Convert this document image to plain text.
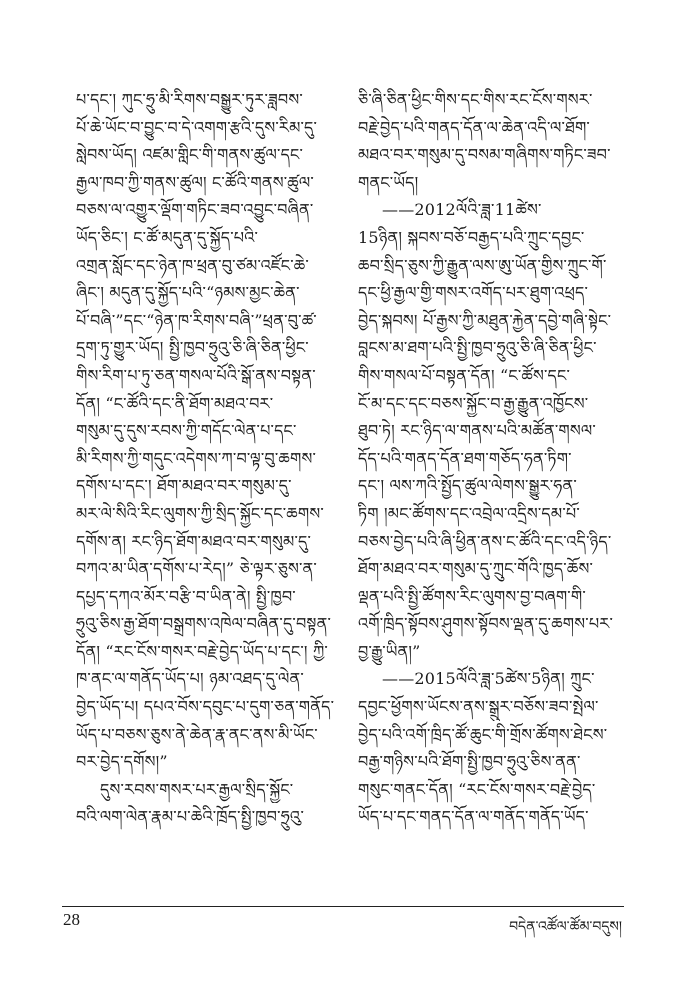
པ་དང་། ཀུང་ཧྲུ་མི་རིགས་བསྒྱུར་ཏུར་ཟླབས་
པོ་ཆེ་ཡོང་བ་བྱུང་བ་དེ་འགག་རྩའི་དུས་རིམ་དུ་
སླེབས་ཡོད། འཛམ་གླིང་གི་གནས་ཚུལ་དང་
རྒྱལ་ཁབ་ཀྱི་གནས་ཚུལ། ང་ཚོའི་གནས་ཚུལ་
བཅས་ལ་འགྱུར་ལྡོག་གཏིང་ཟབ་འབྱུང་བཞིན་
ཡོད་ཅིང་། ང་ཚོ་མདུན་དུ་སྐྱོད་པའི་
འགྲན་སློང་དང་ཉེན་ཁ་ཕྲན་བུ་ཙམ་འཛོང་ཆེ་
ཞིང་། མདུན་དུ་སྐྱོད་པའི་“ཉམས་མྱང་ཆེན་
པོ་བཞི་”དང་“ཉེན་ཁ་རིགས་བཞི་”ཕྲན་བུ་ཚ་
དྲག་ཏུ་གྱུར་ཡོད། སྤྱི་ཁྱབ་ཧྲུའུ་ཅི་ཞི་ཅིན་ཕྱིང་
གིས་རིག་པ་ཏུ་ཅན་གསལ་པོའི་སྒོ་ནས་བསྟན་
དོན། “ང་ཚོའི་དང་ནི་ཐོག་མཐའ་བར་
གསུམ་དུ་དུས་རབས་ཀྱི་གདོང་ལེན་པ་དང་
མི་རིགས་ཀྱི་གདུང་འདེགས་ཀ་བ་ལྟ་བུ་ཆགས་
དགོས་པ་དང་། ཐོག་མཐའ་བར་གསུམ་དུ་
མར་ལེ་སིའི་རིང་ལུགས་ཀྱི་སྲིད་སྐྱོང་དང་ཆགས་
དགོས་ན། རང་ཉིད་ཐོག་མཐའ་བར་གསུམ་དུ་
བཀའ་མ་ཡིན་དགོས་པ་རེད།” ཅེ་ལྟར་ཅུས་ན་
དཔྱད་དཀའ་མོར་བརྩི་བ་ཡིན་ནེ། སྤྱི་ཁྱབ་
ཧྲུའུ་ཅིས་རྒྱ་ཐོག་བསྒྲགས་འཁེལ་བཞིན་དུ་བསྟན་
དོན། “རང་ངོས་གསར་བརྗེ་བྱེད་ཡོད་པ་དང་། ཀྱི་
ཁ་ནང་ལ་གནོད་ཡོད་པ། ཉམ་འཐད་དུ་ལེན་
བྱེད་ཡོད་པ། དཔའ་བོས་དབུང་པ་དུག་ཅན་གནོད་
ཡོད་པ་བཅས་ཅུས་ནེ་ཆེན་རྣ་ནང་ནས་མི་ཡོང་
བར་བྱེད་དགོས།”
དུས་རབས་གསར་པར་རྒྱལ་སྲིད་སྐྱོང་
བའི་ལག་ལེན་རྣམ་པ་ཆེའི་ཁྲོད་སྤྱི་ཁྱབ་ཧྲུའུ་
ཅི་ཞི་ཅིན་ཕྱིང་གིས་དང་གིས་རང་ངོས་གསར་
བརྗེ་བྱེད་པའི་གནད་དོན་ལ་ཆེན་འདི་ལ་ཐོག་
མཐའ་བར་གསུམ་དུ་བསམ་གཞིགས་གཏིང་ཟབ་
གནང་ཡོད།
——2012ལོའི་ཟླ་11ཚེས་
15ཉིན། སྐབས་བཅོ་བརྒྱད་པའི་ཀྲུང་དབྱང་
ཆབ་སྲིད་ཅུས་ཀྱི་རྒྱུན་ལས་ཨུ་ཡོན་གྱིས་ཀྲུང་གོ་
དང་ཕྱི་རྒྱལ་གྱི་གསར་འགོད་པར་ཐུག་འཕྲད་
བྱེད་སྐབས། པོ་རྒྱས་ཀྱི་མཐུན་རྐྱེན་དབྱེ་གཞི་སྟེང་
བླངས་མ་ཐག་པའི་སྤྱི་ཁྱབ་ཧྲུའུ་ཅི་ཞི་ཅིན་ཕྱིང་
གིས་གསལ་པོ་བསྟན་དོན། “ང་ཚོས་དང་
ངོ་མ་དང་དང་བཅས་སྐྱོང་བ་རྒྱ་རྒྱུན་འཁྱོངས་
ཐུབ་ཏེ། རང་ཉིད་ལ་གནས་པའི་མཚོན་གསལ་
དོད་པའི་གནད་དོན་ཐག་གཅོད་ཧན་ཏིག་
དང་། ལས་ཀའི་སྤྱོད་ཚུལ་ལེགས་སྒྱུར་ཧན་
ཏིག །མང་ཚོགས་དང་འབྲེལ་འདྲིས་དམ་པོ་
བཅས་བྱེད་པའི་ཞི་ཕྱིན་ནས་ང་ཚོའི་དང་འདི་ཉིད་
ཐོག་མཐའ་བར་གསུམ་དུ་ཀྲུང་གོའི་ཁྱད་ཆོས་
ལྡན་པའི་སྤྱི་ཚོགས་རིང་ལུགས་བྱ་བཞག་གི་
འགོ་ཁྲིད་སྟོབས་ཤུགས་སྟོབས་ལྡན་དུ་ཆགས་པར་
བྱ་རྒྱུ་ཡིན།”
——2015ལོའི་ཟླ་5ཚེས་5ཉིན། ཀྲུང་
དབྱང་ཕྱོགས་ཡོངས་ནས་སྒྲུར་བཅོས་ཟབ་སྤེལ་
བྱེད་པའི་འགོ་ཁྲིད་ཚོ་ཆུང་གི་གྲོས་ཚོགས་ཐེངས་
བརྒྱ་གཉིས་པའི་ཐོག་སྤྱི་ཁྱབ་ཧྲུའུ་ཅིས་ནན་
གསུང་གནང་དོན། “རང་ངོས་གསར་བརྗེ་བྱེད་
ཡོད་པ་དང་གནད་དོན་ལ་གནོད་གནོད་ཡོད་
28	བདེན་འཚོལ་ཚོམ་བདུས།
